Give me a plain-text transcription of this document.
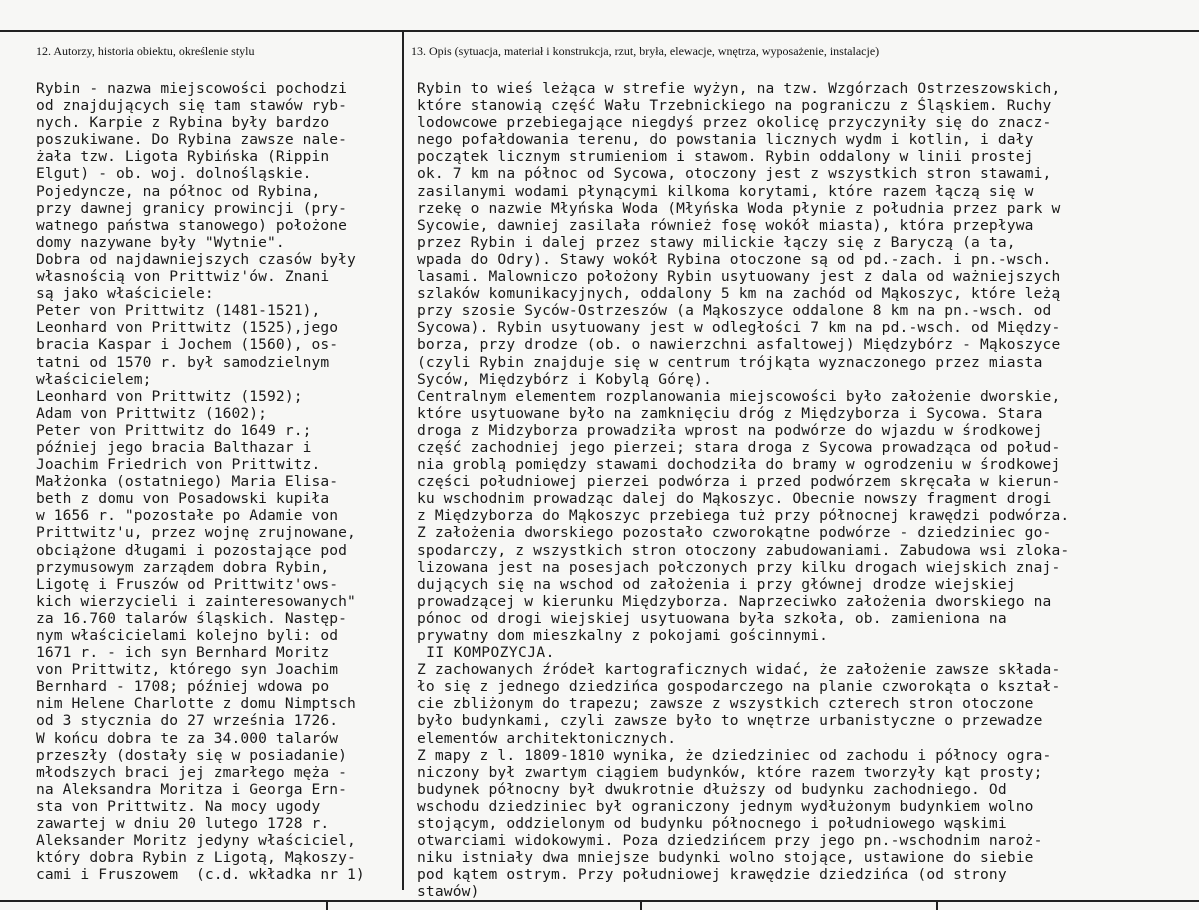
12. Autorzy, historia obiektu, określenie stylu	13. Opis (sytuacja, materiał i konstrukcja, rzut, bryła, elewacje, wnętrza, wyposażenie, instalacje)
Rybin - nazwa miejscowości pochodzi
od znajdujących się tam stawów ryb-
nych. Karpie z Rybina były bardzo
poszukiwane. Do Rybina zawsze nale-
żała tzw. Ligota Rybińska (Rippin
Elgut) - ob. woj. dolnośląskie.
Pojedyncze, na północ od Rybina,
przy dawnej granicy prowincji (pry-
watnego państwa stanowego) położone
domy nazywane były "Wytnie".
Dobra od najdawniejszych czasów były
własnością von Prittwiz'ów. Znani
są jako właściciele:
Peter von Prittwitz (1481-1521),
Leonhard von Prittwitz (1525),jego
bracia Kaspar i Jochem (1560), os-
tatni od 1570 r. był samodzielnym
właścicielem;
Leonhard von Prittwitz (1592);
Adam von Prittwitz (1602);
Peter von Prittwitz do 1649 r.;
później jego bracia Balthazar i
Joachim Friedrich von Prittwitz.
Małżonka (ostatniego) Maria Elisa-
beth z domu von Posadowski kupiła
w 1656 r. "pozostałe po Adamie von
Prittwitz'u, przez wojnę zrujnowane,
obciążone długami i pozostające pod
przymusowym zarządem dobra Rybin,
Ligotę i Fruszów od Prittwitz'ows-
kich wierzycieli i zainteresowanych"
za 16.760 talarów śląskich. Następ-
nym właścicielami kolejno byli: od
1671 r. - ich syn Bernhard Moritz
von Prittwitz, którego syn Joachim
Bernhard - 1708; później wdowa po
nim Helene Charlotte z domu Nimptsch
od 3 stycznia do 27 września 1726.
W końcu dobra te za 34.000 talarów
przeszły (dostały się w posiadanie)
młodszych braci jej zmarłego męża -
na Aleksandra Moritza i Georga Ern-
sta von Prittwitz. Na mocy ugody
zawartej w dniu 20 lutego 1728 r.
Aleksander Moritz jedyny właściciel,
który dobra Rybin z Ligotą, Mąkoszy-
cami i Fruszowem  (c.d. wkładka nr 1)
Rybin to wieś leżąca w strefie wyżyn, na tzw. Wzgórzach Ostrzeszowskich,
które stanowią część Wału Trzebnickiego na pograniczu z Śląskiem. Ruchy
lodowcowe przebiegające niegdyś przez okolicę przyczyniły się do znacz-
nego pofałdowania terenu, do powstania licznych wydm i kotlin, i dały
początek licznym strumieniom i stawom. Rybin oddalony w linii prostej
ok. 7 km na północ od Sycowa, otoczony jest z wszystkich stron stawami,
zasilanymi wodami płynącymi kilkoma korytami, które razem łączą się w
rzekę o nazwie Młyńska Woda (Młyńska Woda płynie z południa przez park w
Sycowie, dawniej zasilała również fosę wokół miasta), która przepływa
przez Rybin i dalej przez stawy milickie łączy się z Baryczą (a ta,
wpada do Odry). Stawy wokół Rybina otoczone są od pd.-zach. i pn.-wsch.
lasami. Malowniczo położony Rybin usytuowany jest z dala od ważniejszych
szlaków komunikacyjnych, oddalony 5 km na zachód od Mąkoszyc, które leżą
przy szosie Syców-Ostrzeszów (a Mąkoszyce oddalone 8 km na pn.-wsch. od
Sycowa). Rybin usytuowany jest w odległości 7 km na pd.-wsch. od Między-
borza, przy drodze (ob. o nawierzchni asfaltowej) Międzybórz - Mąkoszyce
(czyli Rybin znajduje się w centrum trójkąta wyznaczonego przez miasta
Syców, Międzybórz i Kobylą Górę).
Centralnym elementem rozplanowania miejscowości było założenie dworskie,
które usytuowane było na zamknięciu dróg z Międzyborza i Sycowa. Stara
droga z Midzyborza prowadziła wprost na podwórze do wjazdu w środkowej
część zachodniej jego pierzei; stara droga z Sycowa prowadząca od połud-
nia groblą pomiędzy stawami dochodziła do bramy w ogrodzeniu w środkowej
części południowej pierzei podwórza i przed podwórzem skręcała w kierun-
ku wschodnim prowadząc dalej do Mąkoszyc. Obecnie nowszy fragment drogi
z Międzyborza do Mąkoszyc przebiega tuż przy północnej krawędzi podwórza.
Z założenia dworskiego pozostało czworokątne podwórze - dziedziniec go-
spodarczy, z wszystkich stron otoczony zabudowaniami. Zabudowa wsi zloka-
lizowana jest na posesjach połczonych przy kilku drogach wiejskich znaj-
dujących się na wschod od założenia i przy głównej drodze wiejskiej
prowadzącej w kierunku Międzyborza. Naprzeciwko założenia dworskiego na
pónoc od drogi wiejskiej usytuowana była szkoła, ob. zamieniona na
prywatny dom mieszkalny z pokojami gościnnymi.
II KOMPOZYCJA.
Z zachowanych źródeł kartograficznych widać, że założenie zawsze składa-
ło się z jednego dziedzińca gospodarczego na planie czworokąta o kształ-
cie zbliżonym do trapezu; zawsze z wszystkich czterech stron otoczone
było budynkami, czyli zawsze było to wnętrze urbanistyczne o przewadze
elementów architektonicznych.
Z mapy z l. 1809-1810 wynika, że dziedziniec od zachodu i północy ogra-
niczony był zwartym ciągiem budynków, które razem tworzyły kąt prosty;
budynek północny był dwukrotnie dłuższy od budynku zachodniego. Od
wschodu dziedziniec był ograniczony jednym wydłużonym budynkiem wolno
stojącym, oddzielonym od budynku północnego i południowego wąskimi
otwarciami widokowymi. Poza dziedzińcem przy jego pn.-wschodnim naroż-
niku istniały dwa mniejsze budynki wolno stojące, ustawione do siebie
pod kątem ostrym. Przy południowej krawędzie dziedzińca (od strony
stawów)
